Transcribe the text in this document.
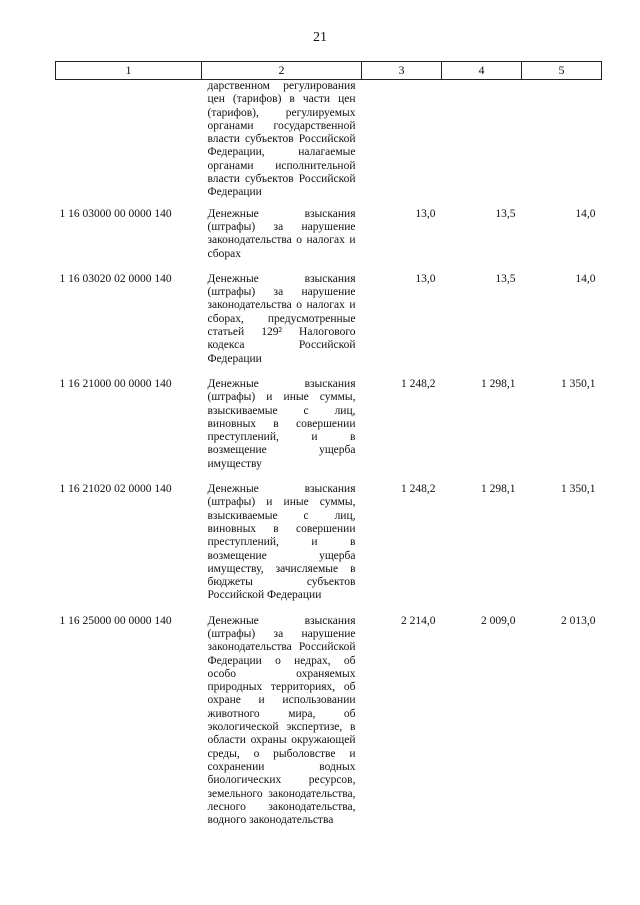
21
1	2	3	4	5
	дарственном регулирования цен (тарифов) в части цен (тарифов), регулируемых органами государственной власти субъектов Российской Федерации, налагаемые органами исполнительной власти субъектов Российской Федерации			
1 16 03000 00 0000 140	Денежные взыскания (штрафы) за нарушение законодательства о налогах и сборах	13,0	13,5	14,0
1 16 03020 02 0000 140	Денежные взыскания (штрафы) за нарушение законодательства о налогах и сборах, предусмотренные статьей 129² Налогового кодекса Российской Федерации	13,0	13,5	14,0
1 16 21000 00 0000 140	Денежные взыскания (штрафы) и иные суммы, взыскиваемые с лиц, виновных в совершении преступлений, и в возмещение ущерба имуществу	1 248,2	1 298,1	1 350,1
1 16 21020 02 0000 140	Денежные взыскания (штрафы) и иные суммы, взыскиваемые с лиц, виновных в совершении преступлений, и в возмещение ущерба имуществу, зачисляемые в бюджеты субъектов Российской Федерации	1 248,2	1 298,1	1 350,1
1 16 25000 00 0000 140	Денежные взыскания (штрафы) за нарушение законодательства Российской Федерации о недрах, об особо охраняемых природных территориях, об охране и использовании животного мира, об экологической экспертизе, в области охраны окружающей среды, о рыболовстве и сохранении водных биологических ресурсов, земельного законодательства, лесного законодательства, водного законодательства	2 214,0	2 009,0	2 013,0
